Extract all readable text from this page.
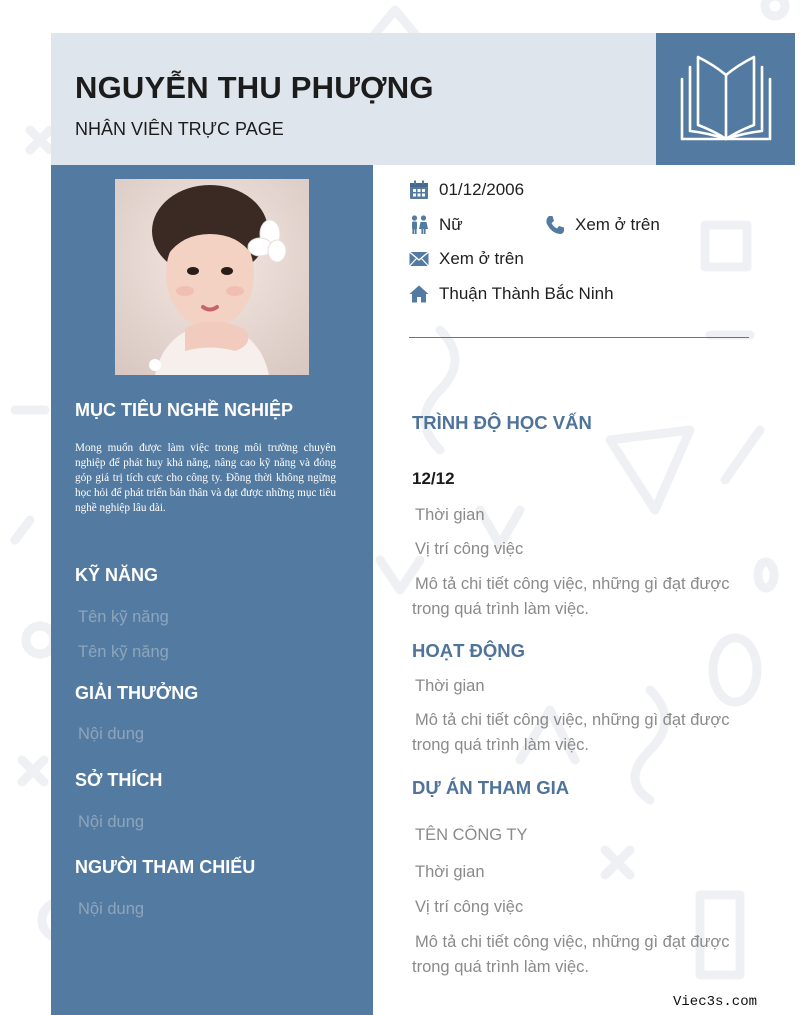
NGUYỄN THU PHƯỢNG
NHÂN VIÊN TRỰC PAGE
MỤC TIÊU NGHỀ NGHIỆP
Mong muốn được làm việc trong môi trường chuyên nghiệp để phát huy khả năng, nâng cao kỹ năng và đóng góp giá trị tích cực cho công ty. Đồng thời không ngừng học hỏi để phát triển bản thân và đạt được những mục tiêu nghề nghiệp lâu dài.
KỸ NĂNG
Tên kỹ năng
Tên kỹ năng
GIẢI THƯỞNG
Nội dung
SỞ THÍCH
Nội dung
NGƯỜI THAM CHIẾU
Nội dung
01/12/2006
Nữ	Xem ở trên
Xem ở trên
Thuận Thành Bắc Ninh
TRÌNH ĐỘ HỌC VẤN
12/12
Thời gian
Vị trí công việc
Mô tả chi tiết công việc, những gì đạt được trong quá trình làm việc.
HOẠT ĐỘNG
Thời gian
Mô tả chi tiết công việc, những gì đạt được trong quá trình làm việc.
DỰ ÁN THAM GIA
TÊN CÔNG TY
Thời gian
Vị trí công việc
Mô tả chi tiết công việc, những gì đạt được trong quá trình làm việc.
Viec3s.com
